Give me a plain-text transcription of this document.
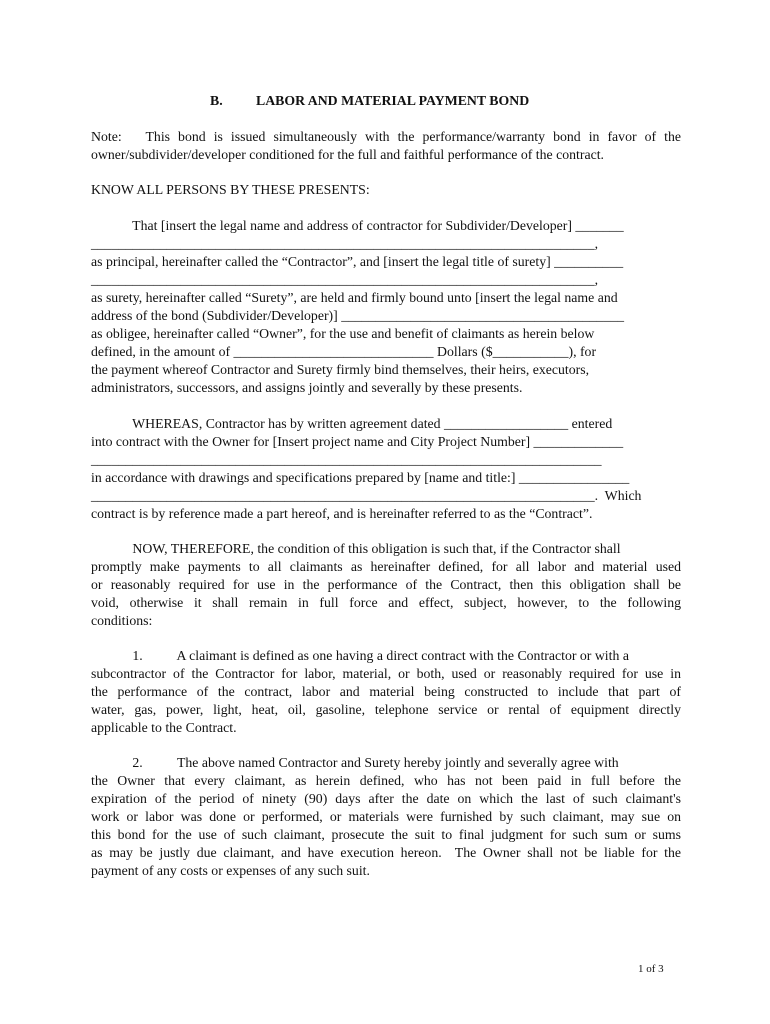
B. LABOR AND MATERIAL PAYMENT BOND
Note:   This bond is issued simultaneously with the performance/warranty bond in favor of the
owner/subdivider/developer conditioned for the full and faithful performance of the contract.
KNOW ALL PERSONS BY THESE PRESENTS:
That [insert the legal name and address of contractor for Subdivider/Developer] _______
_________________________________________________________________________,
as principal, hereinafter called the “Contractor”, and [insert the legal title of surety] __________
_________________________________________________________________________,
as surety, hereinafter called “Surety”, are held and firmly bound unto [insert the legal name and
address of the bond (Subdivider/Developer)] _________________________________________
as obligee, hereinafter called “Owner”, for the use and benefit of claimants as herein below
defined, in the amount of _____________________________ Dollars ($___________), for
the payment whereof Contractor and Surety firmly bind themselves, their heirs, executors,
administrators, successors, and assigns jointly and severally by these presents.
WHEREAS, Contractor has by written agreement dated __________________ entered
into contract with the Owner for [Insert project name and City Project Number] _____________
__________________________________________________________________________
in accordance with drawings and specifications prepared by [name and title:] ________________
_________________________________________________________________________.  Which
contract is by reference made a part hereof, and is hereinafter referred to as the “Contract”.
NOW, THEREFORE, the condition of this obligation is such that, if the Contractor shall
promptly make payments to all claimants as hereinafter defined, for all labor and material used
or reasonably required for use in the performance of the Contract, then this obligation shall be
void, otherwise it shall remain in full force and effect, subject, however, to the following
conditions:
1.          A claimant is defined as one having a direct contract with the Contractor or with a
subcontractor of the Contractor for labor, material, or both, used or reasonably required for use in
the performance of the contract, labor and material being constructed to include that part of
water, gas, power, light, heat, oil, gasoline, telephone service or rental of equipment directly
applicable to the Contract.
2.          The above named Contractor and Surety hereby jointly and severally agree with
the Owner that every claimant, as herein defined, who has not been paid in full before the
expiration of the period of ninety (90) days after the date on which the last of such claimant's
work or labor was done or performed, or materials were furnished by such claimant, may sue on
this bond for the use of such claimant, prosecute the suit to final judgment for such sum or sums
as may be justly due claimant, and have execution hereon.  The Owner shall not be liable for the
payment of any costs or expenses of any such suit.
1 of 3
